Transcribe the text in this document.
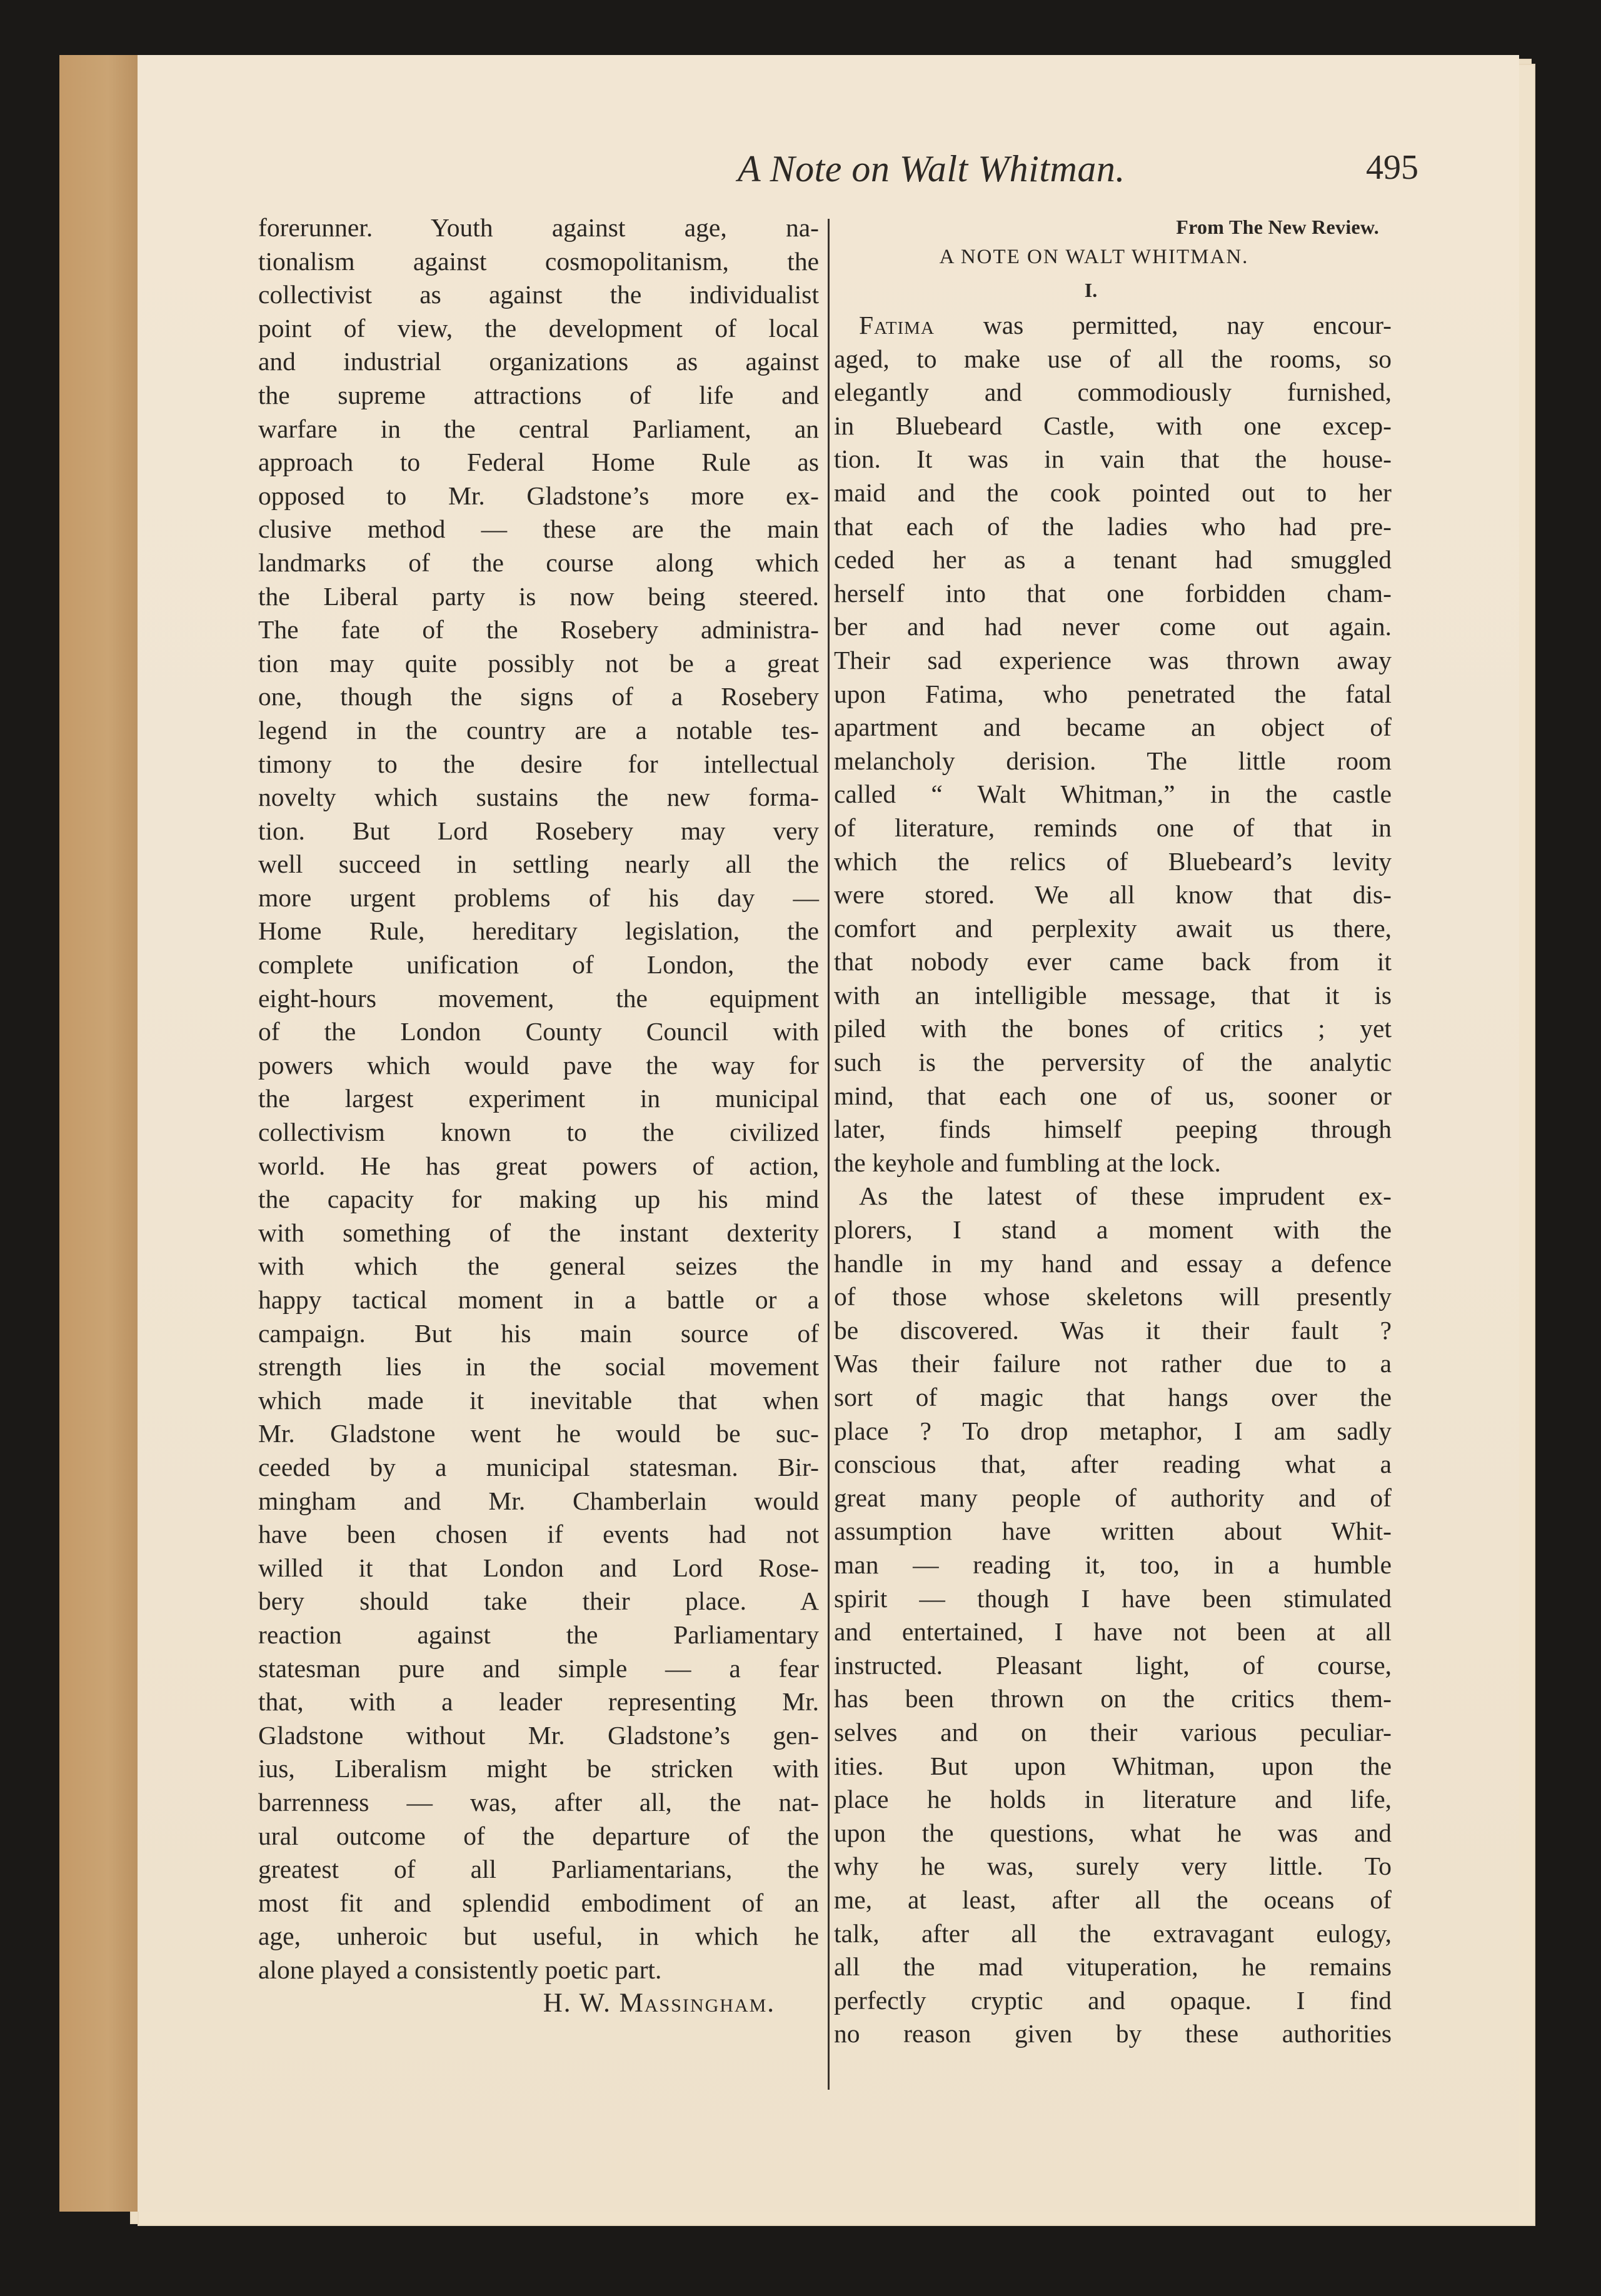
A Note on Walt Whitman.	495
forerunner. Youth against age, na-
tionalism against cosmopolitanism, the
collectivist as against the individualist
point of view, the development of local
and industrial organizations as against
the supreme attractions of life and
warfare in the central Parliament, an
approach to Federal Home Rule as
opposed to Mr. Gladstone’s more ex-
clusive method — these are the main
landmarks of the course along which
the Liberal party is now being steered.
The fate of the Rosebery administra-
tion may quite possibly not be a great
one, though the signs of a Rosebery
legend in the country are a notable tes-
timony to the desire for intellectual
novelty which sustains the new forma-
tion. But Lord Rosebery may very
well succeed in settling nearly all the
more urgent problems of his day —
Home Rule, hereditary legislation, the
complete unification of London, the
eight-hours movement, the equipment
of the London County Council with
powers which would pave the way for
the largest experiment in municipal
collectivism known to the civilized
world. He has great powers of action,
the capacity for making up his mind
with something of the instant dexterity
with which the general seizes the
happy tactical moment in a battle or a
campaign. But his main source of
strength lies in the social movement
which made it inevitable that when
Mr. Gladstone went he would be suc-
ceeded by a municipal statesman. Bir-
mingham and Mr. Chamberlain would
have been chosen if events had not
willed it that London and Lord Rose-
bery should take their place. A
reaction against the Parliamentary
statesman pure and simple — a fear
that, with a leader representing Mr.
Gladstone without Mr. Gladstone’s gen-
ius, Liberalism might be stricken with
barrenness — was, after all, the nat-
ural outcome of the departure of the
greatest of all Parliamentarians, the
most fit and splendid embodiment of an
age, unheroic but useful, in which he
alone played a consistently poetic part.
H. W. Massingham.
From The New Review.
A NOTE ON WALT WHITMAN.
I.
Fatima was permitted, nay encour-
aged, to make use of all the rooms, so
elegantly and commodiously furnished,
in Bluebeard Castle, with one excep-
tion. It was in vain that the house-
maid and the cook pointed out to her
that each of the ladies who had pre-
ceded her as a tenant had smuggled
herself into that one forbidden cham-
ber and had never come out again.
Their sad experience was thrown away
upon Fatima, who penetrated the fatal
apartment and became an object of
melancholy derision. The little room
called “ Walt Whitman,” in the castle
of literature, reminds one of that in
which the relics of Bluebeard’s levity
were stored. We all know that dis-
comfort and perplexity await us there,
that nobody ever came back from it
with an intelligible message, that it is
piled with the bones of critics ; yet
such is the perversity of the analytic
mind, that each one of us, sooner or
later, finds himself peeping through
the keyhole and fumbling at the lock.
As the latest of these imprudent ex-
plorers, I stand a moment with the
handle in my hand and essay a defence
of those whose skeletons will presently
be discovered. Was it their fault ?
Was their failure not rather due to a
sort of magic that hangs over the
place ? To drop metaphor, I am sadly
conscious that, after reading what a
great many people of authority and of
assumption have written about Whit-
man — reading it, too, in a humble
spirit — though I have been stimulated
and entertained, I have not been at all
instructed. Pleasant light, of course,
has been thrown on the critics them-
selves and on their various peculiar-
ities. But upon Whitman, upon the
place he holds in literature and life,
upon the questions, what he was and
why he was, surely very little. To
me, at least, after all the oceans of
talk, after all the extravagant eulogy,
all the mad vituperation, he remains
perfectly cryptic and opaque. I find
no reason given by these authorities
